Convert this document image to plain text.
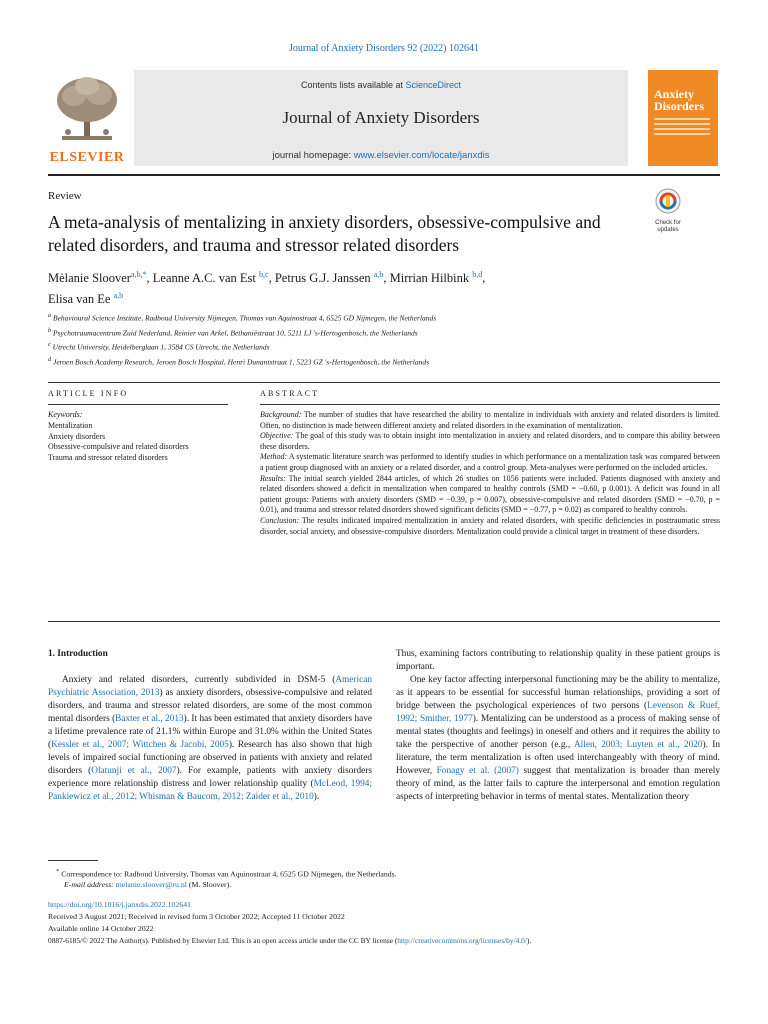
Journal of Anxiety Disorders 92 (2022) 102641
ELSEVIER
Contents lists available at ScienceDirect
Journal of Anxiety Disorders
journal homepage: www.elsevier.com/locate/janxdis
Anxiety
Disorders
Review
A meta-analysis of mentalizing in anxiety disorders, obsessive-compulsive and related disorders, and trauma and stressor related disorders
Check for
updates
Mèlanie Sloover$^{a,b,*}$, Leanne A.C. van Est $^{b,c}$, Petrus G.J. Janssen $^{a,b}$, Mirrian Hilbink $^{b,d}$,
Elisa van Ee $^{a,b}$
$^a$ Behavioural Science Institute, Radboud University Nijmegen, Thomas van Aquinostraat 4, 6525 GD Nijmegen, the Netherlands
$^b$ Psychotraumacentrum Zuid Nederland, Reinier van Arkel, Bethaniëstraat 10, 5211 LJ 's-Hertogenbosch, the Netherlands
$^c$ Utrecht University, Heidelberglaan 1, 3584 CS Utrecht, the Netherlands
$^d$ Jeroen Bosch Academy Research, Jeroen Bosch Hospital, Henri Dunantstraat 1, 5223 GZ 's-Hertogenbosch, the Netherlands
ARTICLE INFO	ABSTRACT
Keywords:
Mentalization
Anxiety disorders
Obsessive-compulsive and related disorders
Trauma and stressor related disorders

Background: The number of studies that have researched the ability to mentalize in individuals with anxiety and related disorders is limited. Often, no distinction is made between different anxiety and related disorders in the examination of mentalization.

Objective: The goal of this study was to obtain insight into mentalization in anxiety and related disorders, and to compare this ability between these disorders.

Method: A systematic literature search was performed to identify studies in which performance on a mentalization task was compared between a patient group diagnosed with an anxiety or a related disorder, and a control group. Meta-analyses were performed on the included articles.

Results: The initial search yielded 2844 articles, of which 26 studies on 1056 patients were included. Patients diagnosed with anxiety and related disorders showed a deficit in mentalization when compared to healthy controls (SMD = −0.60, p 0.001). A deficit was found in all patient groups: Patients with anxiety disorders (SMD = −0.39, p = 0.007), obsessive-compulsive and related disorders (SMD = −0.70, p = 0.01), and trauma and stressor related disorders showed significant deficits (SMD = −0.77, p = 0.02) as compared to healthy controls.

Conclusion: The results indicated impaired mentalization in anxiety and related disorders, with specific deficiencies in posttraumatic stress disorder, social anxiety, and obsessive-compulsive disorders. Mentalization could provide a clinical target in treatment of these disorders.

1. Introduction

Anxiety and related disorders, currently subdivided in DSM-5 (American Psychiatric Association, 2013) as anxiety disorders, obsessive-compulsive and related disorders, and trauma and stressor related disorders, are some of the most common mental disorders (Baxter et al., 2013). It has been estimated that anxiety disorders have a lifetime prevalence rate of 21.1% within Europe and 31.0% within the United States (Kessler et al., 2007; Wittchen & Jacobi, 2005). Research has also shown that high levels of impaired social functioning are observed in patients with anxiety and related disorders (Olatunji et al., 2007). For example, patients with anxiety disorders experience more relationship distress and lower relationship quality (McLeod, 1994; Pankiewicz et al., 2012; Whisman & Baucom, 2012; Zaider et al., 2010).

Thus, examining factors contributing to relationship quality in these patient groups is important.

One key factor affecting interpersonal functioning may be the ability to mentalize, as it appears to be essential for successful human relationships, providing a sort of bridge between the psychological experiences of two persons (Levenson & Ruef, 1992; Smither, 1977). Mentalizing can be understood as a process of making sense of mental states (thoughts and feelings) in oneself and others and it requires the ability to take the perspective of another person (e.g., Allen, 2003; Luyten et al., 2020). In literature, the term mentalization is often used interchangeably with theory of mind. However, Fonagy et al. (2007) suggest that mentalization is broader than merely theory of mind, as the latter fails to capture the interpersonal and emotion regulation aspects of interpreting behavior in terms of mental states. Mentalization theory

* Correspondence to: Radboud University, Thomas van Aquinostraat 4, 6525 GD Nijmegen, the Netherlands.
E-mail address: melanie.sloover@ru.nl (M. Sloover).
https://doi.org/10.1016/j.janxdis.2022.102641
Received 3 August 2021; Received in revised form 3 October 2022; Accepted 11 October 2022
Available online 14 October 2022
0887-6185/© 2022 The Author(s). Published by Elsevier Ltd. This is an open access article under the CC BY license (http://creativecommons.org/licenses/by/4.0/).
